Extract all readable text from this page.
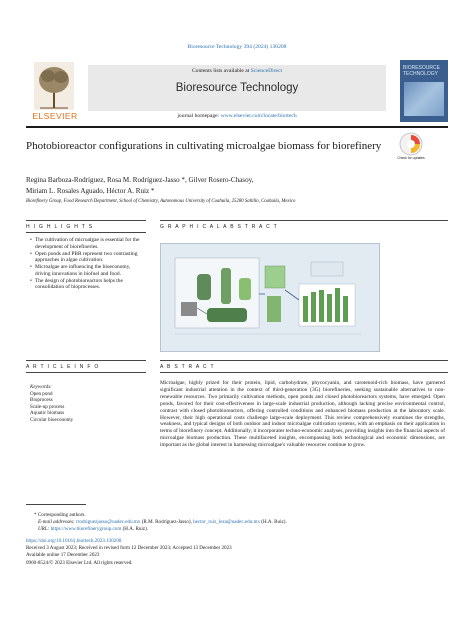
Bioresource Technology 394 (2024) 130208
ELSEVIER
Contents lists available at ScienceDirect
Bioresource Technology
journal homepage: www.elsevier.com/locate/biortech
BIORESOURCE TECHNOLOGY
Photobioreactor configurations in cultivating microalgae biomass for biorefinery
Check for updates
Regina Barboza-Rodríguez, Rosa M. Rodríguez-Jasso *, Gilver Rosero-Chasoy,
Miriam L. Rosales Aguado, Héctor A. Ruiz *
Biorefinery Group, Food Research Department, School of Chemistry, Autonomous University of Coahuila, 25280 Saltillo, Coahuila, Mexico
H I G H L I G H T S	G R A P H I C A L A B S T R A C T
• The cultivation of microalgae is essential for the development of biorefineries.
• Open ponds and PBR represent two contrasting approaches in algae cultivation.
• Microalgae are influencing the bioeconomy, driving innovations in biofuel and food.
• The design of photobioreactors helps the consolidation of bioprocesses.
A R T I C L E I N F O	A B S T R A C T
Keywords:
Open pond
Bioprocess
Scale-up process
Aquatic biomass
Circular bioeconomy
Microalgae, highly prized for their protein, lipid, carbohydrate, phycocyanin, and carotenoid-rich biomass, have garnered significant industrial attention in the context of third-generation (3G) biorefineries, seeking sustainable alternatives to non-renewable resources. Two primarily cultivation methods, open ponds and closed photobioreactors systems, have emerged. Open ponds, favored for their cost-effectiveness in large-scale industrial production, although lacking precise environmental control, contrast with closed photobioreactors, offering controlled conditions and enhanced biomass production at the laboratory scale. However, their high operational costs challenge large-scale deployment. This review comprehensively examines the strengths, weakness, and typical designs of both outdoor and indoor microalgae cultivation systems, with an emphasis on their application in terms of biorefinery concept. Additionally, it incorporates techno-economic analyses, providing insights into the financial aspects of microalgae biomass production. These multifaceted insights, encompassing both technological and economic dimensions, are important as the global interest in harnessing microalgae's valuable resources continue to grow.
* Corresponding authors.
E-mail addresses: rrodriguezjasso@uadec.edu.mx (R.M. Rodríguez-Jasso), hector_ruiz_leza@uadec.edu.mx (H.A. Ruiz).
URL: https://www.biorefinerygroup.com (H.A. Ruiz).
https://doi.org/10.1016/j.biortech.2023.130208
Received 3 August 2023; Received in revised form 12 December 2023; Accepted 13 December 2023
Available online 17 December 2023
0960-8524/© 2023 Elsevier Ltd. All rights reserved.
